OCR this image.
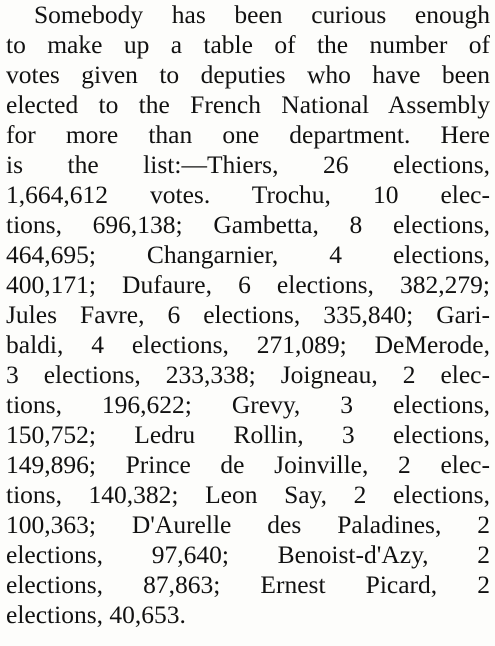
Somebody has been curious enough
to make up a table of the number of
votes given to deputies who have been
elected to the French National Assembly
for more than one department. Here
is the list:—Thiers, 26 elections,
1,664,612 votes. Trochu, 10 elec-
tions, 696,138; Gambetta, 8 elections,
464,695; Changarnier, 4 elections,
400,171; Dufaure, 6 elections, 382,279;
Jules Favre, 6 elections, 335,840; Gari-
baldi, 4 elections, 271,089; DeMerode,
3 elections, 233,338; Joigneau, 2 elec-
tions, 196,622; Grevy, 3 elections,
150,752; Ledru Rollin, 3 elections,
149,896; Prince de Joinville, 2 elec-
tions, 140,382; Leon Say, 2 elections,
100,363; D'Aurelle des Paladines, 2
elections, 97,640; Benoist-d'Azy, 2
elections, 87,863; Ernest Picard, 2
elections, 40,653.
